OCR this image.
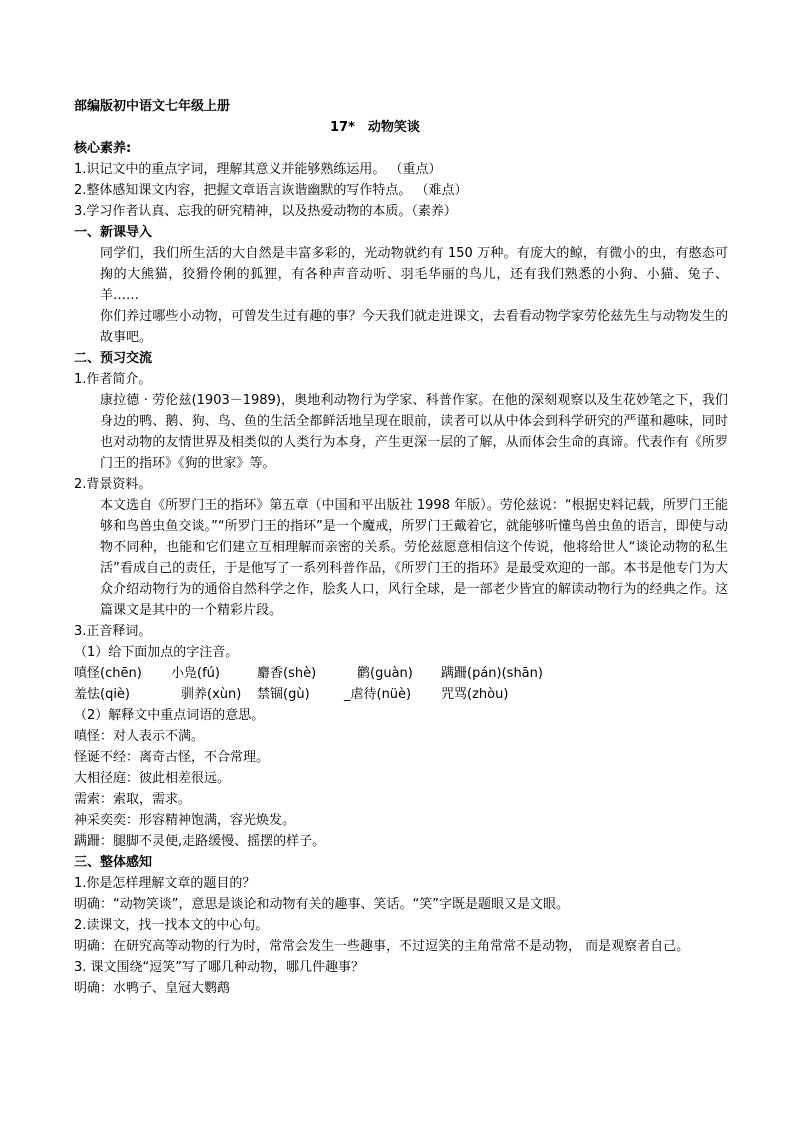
部编版初中语文七年级上册
17*　动物笑谈
核心素养:
1.识记文中的重点字词，理解其意义并能够熟练运用。 （重点）
2.整体感知课文内容，把握文章语言诙谐幽默的写作特点。 （难点）
3.学习作者认真、忘我的研究精神，以及热爱动物的本质。（素养）
一、新课导入
同学们，我们所生活的大自然是丰富多彩的，光动物就约有 150 万种。有庞大的鲸，有微小的虫，有憨态可掬的大熊猫，狡猾伶俐的狐狸，有各种声音动听、羽毛华丽的鸟儿，还有我们熟悉的小狗、小猫、兔子、羊……
你们养过哪些小动物，可曾发生过有趣的事？今天我们就走进课文，去看看动物学家劳伦兹先生与动物发生的故事吧。
二、预习交流
1.作者简介。
康拉德 · 劳伦兹(1903－1989)，奥地利动物行为学家、科普作家。在他的深刻观察以及生花妙笔之下，我们身边的鸭、鹅、狗、鸟、鱼的生活全都鲜活地呈现在眼前，读者可以从中体会到科学研究的严谨和趣味，同时也对动物的友情世界及相类似的人类行为本身，产生更深一层的了解，从而体会生命的真谛。代表作有《所罗门王的指环》《狗的世家》等。
2.背景资料。
本文选自《所罗门王的指环》第五章（中国和平出版社 1998 年版）。劳伦兹说：“根据史料记载，所罗门王能够和鸟兽虫鱼交谈。”“所罗门王的指环”是一个魔戒，所罗门王戴着它，就能够听懂鸟兽虫鱼的语言，即使与动物不同种，也能和它们建立互相理解而亲密的关系。劳伦兹愿意相信这个传说，他将给世人“谈论动物的私生活”看成自己的责任，于是他写了一系列科普作品，《所罗门王的指环》是最受欢迎的一部。本书是他专门为大众介绍动物行为的通俗自然科学之作，脍炙人口，风行全球，是一部老少皆宜的解读动物行为的经典之作。这篇课文是其中的一个精彩片段。
3.正音释词。
（1）给下面加点的字注音。
嗔怪(chēn)	小凫(fú)	麝香(shè)	鹳(guàn)	蹒跚(pán)(shān)
羞怯(qiè)	驯养(xùn)	禁锢(gù)	_虐待(nüè)	咒骂(zhòu)
（2）解释文中重点词语的意思。
嗔怪：对人表示不满。
怪诞不经：离奇古怪，不合常理。
大相径庭：彼此相差很远。
需索：索取，需求。
神采奕奕：形容精神饱满，容光焕发。
蹒跚：腿脚不灵便,走路缓慢、摇摆的样子。
三、整体感知
1.你是怎样理解文章的题目的？
明确：“动物笑谈”，意思是谈论和动物有关的趣事、笑话。“笑”字既是题眼又是文眼。
2.读课文，找一找本文的中心句。
明确：在研究高等动物的行为时，常常会发生一些趣事，不过逗笑的主角常常不是动物， 而是观察者自己。
3. 课文围绕“逗笑”写了哪几种动物，哪几件趣事？
明确：水鸭子、皇冠大鹦鹉
